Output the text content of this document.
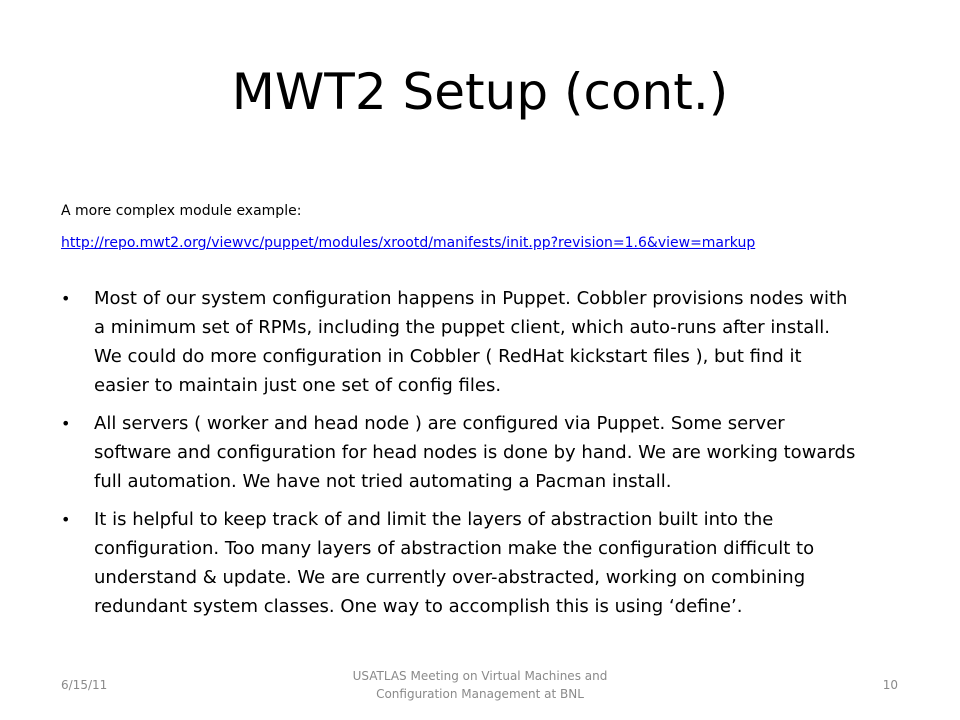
MWT2 Setup (cont.)
A more complex module example:
http://repo.mwt2.org/viewvc/puppet/modules/xrootd/manifests/init.pp?revision=1.6&view=markup
• Most of our system configuration happens in Puppet. Cobbler provisions nodes with a minimum set of RPMs, including the puppet client, which auto-runs after install. We could do more configuration in Cobbler ( RedHat kickstart files ), but find it easier to maintain just one set of config files.
• All servers ( worker and head node ) are configured via Puppet. Some server software and configuration for head nodes is done by hand. We are working towards full automation. We have not tried automating a Pacman install.
• It is helpful to keep track of and limit the layers of abstraction built into the configuration. Too many layers of abstraction make the configuration difficult to understand & update. We are currently over-abstracted, working on combining redundant system classes. One way to accomplish this is using ‘define’.
6/15/11
USATLAS Meeting on Virtual Machines and
Configuration Management at BNL
10
